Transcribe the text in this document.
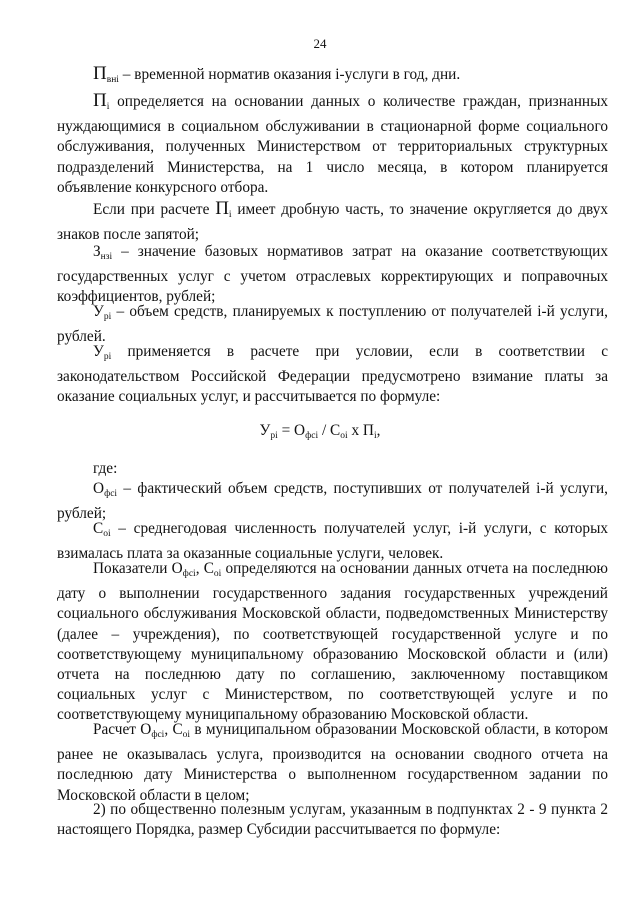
24
$П_{вні}$ – временной норматив оказания i-услуги в год, дни.
$П_i$ определяется на основании данных о количестве граждан, признанных нуждающимися в социальном обслуживании в стационарной форме социального обслуживания, полученных Министерством от территориальных структурных подразделений Министерства, на 1 число месяца, в котором планируется объявление конкурсного отбора.
Если при расчете $П_i$ имеет дробную часть, то значение округляется до двух знаков после запятой;
$З_{нзі}$ – значение базовых нормативов затрат на оказание соответствующих государственных услуг с учетом отраслевых корректирующих и поправочных коэффициентов, рублей;
$У_{pi}$ – объем средств, планируемых к поступлению от получателей i-й услуги, рублей.
$У_{pi}$ применяется в расчете при условии, если в соответствии с законодательством Российской Федерации предусмотрено взимание платы за оказание социальных услуг, и рассчитывается по формуле:
$У_{pi} = О_{фсі} / С_{оі}$ х $П_i$,
где:
$О_{фсі}$ – фактический объем средств, поступивших от получателей i-й услуги, рублей;
$С_{оі}$ – среднегодовая численность получателей услуг, i-й услуги, с которых взималась плата за оказанные социальные услуги, человек.
Показатели $О_{фсі}$, $С_{оі}$ определяются на основании данных отчета на последнюю дату о выполнении государственного задания государственных учреждений социального обслуживания Московской области, подведомственных Министерству (далее – учреждения), по соответствующей государственной услуге и по соответствующему муниципальному образованию Московской области и (или) отчета на последнюю дату по соглашению, заключенному поставщиком социальных услуг с Министерством, по соответствующей услуге и по соответствующему муниципальному образованию Московской области.
Расчет $О_{фсі}$, $С_{оі}$ в муниципальном образовании Московской области, в котором ранее не оказывалась услуга, производится на основании сводного отчета на последнюю дату Министерства о выполненном государственном задании по Московской области в целом;
2) по общественно полезным услугам, указанным в подпунктах 2 - 9 пункта 2 настоящего Порядка, размер Субсидии рассчитывается по формуле:
